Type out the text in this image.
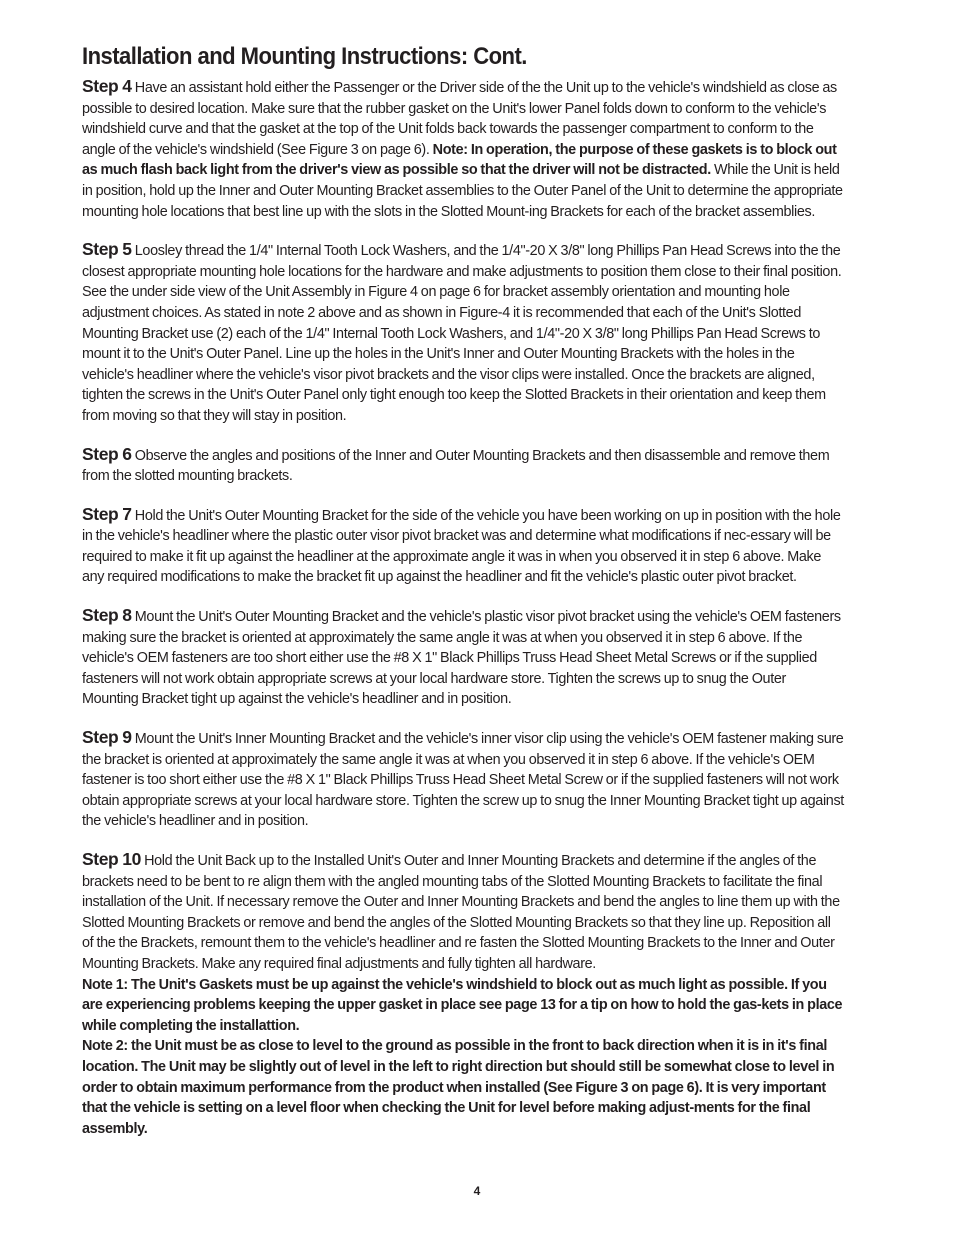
Installation and Mounting Instructions: Cont.

Step 4 Have an assistant hold either the Passenger or the Driver side of the the Unit up to the vehicle's windshield as close as possible to desired location. Make sure that the rubber gasket on the Unit's lower Panel folds down to conform to the vehicle's windshield curve and that the gasket at the top of the Unit folds back towards the passenger compartment to conform to the angle of the vehicle's windshield (See Figure 3 on page 6). Note: In operation, the purpose of these gaskets is to block out as much flash back light from the driver's view as possible so that the driver will not be distracted. While the Unit is held in position, hold up the Inner and Outer Mounting Bracket assemblies to the Outer Panel of the Unit to determine the appropriate mounting hole locations that best line up with the slots in the Slotted Mount-ing Brackets for each of the bracket assemblies.

Step 5 Loosley thread the 1/4" Internal Tooth Lock Washers, and the 1/4"-20 X 3/8" long Phillips Pan Head Screws into the the closest appropriate mounting hole locations for the hardware and make adjustments to position them close to their final position. See the under side view of the Unit Assembly in Figure 4 on page 6 for bracket assembly orientation and mounting hole adjustment choices. As stated in note 2 above and as shown in Figure-4 it is recommended that each of the Unit's Slotted Mounting Bracket use (2) each of the 1/4" Internal Tooth Lock Washers, and 1/4"-20 X 3/8" long Phillips Pan Head Screws to mount it to the Unit's Outer Panel. Line up the holes in the Unit's Inner and Outer Mounting Brackets with the holes in the vehicle's headliner where the vehicle's visor pivot brackets and the visor clips were installed. Once the brackets are aligned, tighten the screws in the Unit's Outer Panel only tight enough too keep the Slotted Brackets in their orientation and keep them from moving so that they will stay in position.

Step 6 Observe the angles and positions of the Inner and Outer Mounting Brackets and then disassemble and remove them from the slotted mounting brackets.

Step 7 Hold the Unit's Outer Mounting Bracket for the side of the vehicle you have been working on up in position with the hole in the vehicle's headliner where the plastic outer visor pivot bracket was and determine what modifications if nec-essary will be required to make it fit up against the headliner at the approximate angle it was in when you observed it in step 6 above. Make any required modifications to make the bracket fit up against the headliner and fit the vehicle's plastic outer pivot bracket.

Step 8 Mount the Unit's Outer Mounting Bracket and the vehicle's plastic visor pivot bracket using the vehicle's OEM fasteners making sure the bracket is oriented at approximately the same angle it was at when you observed it in step 6 above. If the vehicle's OEM fasteners are too short either use the #8 X 1" Black Phillips Truss Head Sheet Metal Screws or if the supplied fasteners will not work obtain appropriate screws at your local hardware store. Tighten the screws up to snug the Outer Mounting Bracket tight up against the vehicle's headliner and in position.

Step 9 Mount the Unit's Inner Mounting Bracket and the vehicle's inner visor clip using the vehicle's OEM fastener making sure the bracket is oriented at approximately the same angle it was at when you observed it in step 6 above. If the vehicle's OEM fastener is too short either use the #8 X 1" Black Phillips Truss Head Sheet Metal Screw or if the supplied fasteners will not work obtain appropriate screws at your local hardware store. Tighten the screw up to snug the Inner Mounting Bracket tight up against the vehicle's headliner and in position.

Step 10 Hold the Unit Back up to the Installed Unit's Outer and Inner Mounting Brackets and determine if the angles of the brackets need to be bent to re align them with the angled mounting tabs of the Slotted Mounting Brackets to facilitate the final installation of the Unit. If necessary remove the Outer and Inner Mounting Brackets and bend the angles to line them up with the Slotted Mounting Brackets or remove and bend the angles of the Slotted Mounting Brackets so that they line up. Reposition all of the the Brackets, remount them to the vehicle's headliner and re fasten the Slotted Mounting Brackets to the Inner and Outer Mounting Brackets. Make any required final adjustments and fully tighten all hardware.
Note 1: The Unit's Gaskets must be up against the vehicle's windshield to block out as much light as possible. If you are experiencing problems keeping the upper gasket in place see page 13 for a tip on how to hold the gas-kets in place while completing the installattion.
Note 2: the Unit must be as close to level to the ground as possible in the front to back direction when it is in it's final location. The Unit may be slightly out of level in the left to right direction but should still be somewhat close to level in order to obtain maximum performance from the product when installed (See Figure 3 on page 6). It is very important that the vehicle is setting on a level floor when checking the Unit for level before making adjust-ments for the final assembly.

4
